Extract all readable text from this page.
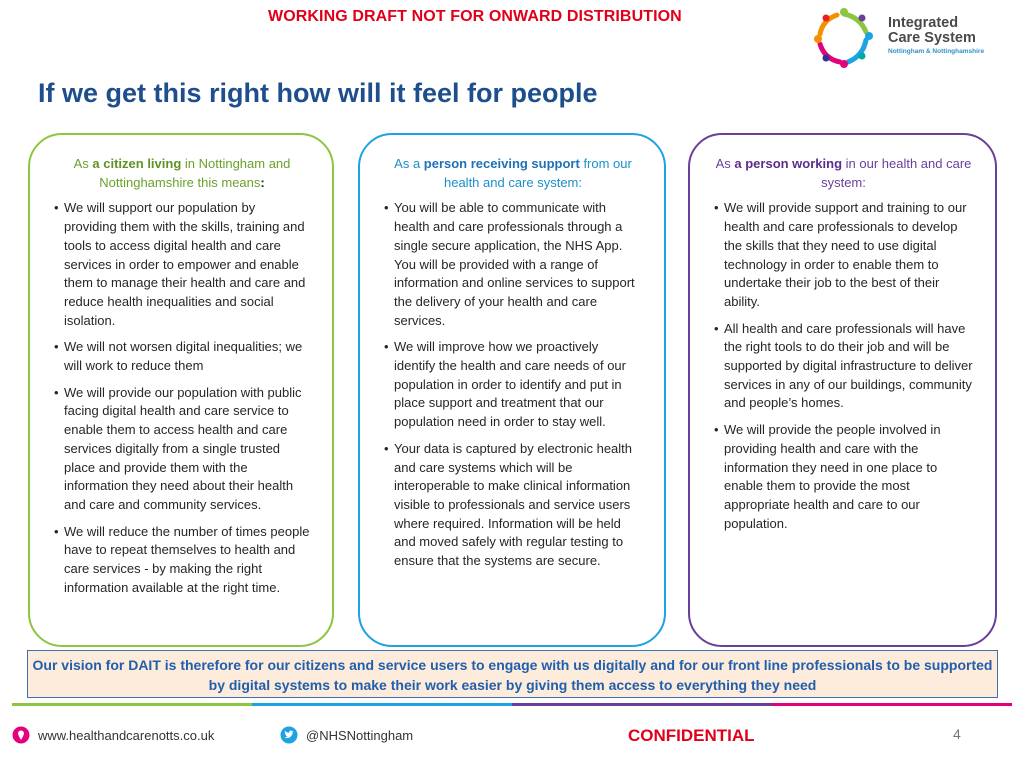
WORKING DRAFT NOT FOR ONWARD DISTRIBUTION	Integrated
Care System
Nottingham & Nottinghamshire
If we get this right how will it feel for people
As a citizen living in Nottingham and Nottinghamshire this means:
• We will support our population by providing them with the skills, training and tools to access digital health and care services in order to empower and enable them to manage their health and care and reduce health inequalities and social isolation.
• We will not worsen digital inequalities; we will work to reduce them
• We will provide our population with public facing digital health and care service to enable them to access health and care services digitally from a single trusted place and provide them with the information they need about their health and care and community services.
• We will reduce the number of times people have to repeat themselves to health and care services - by making the right information available at the right time.
As a person receiving support from our health and care system:
• You will be able to communicate with health and care professionals through a single secure application, the NHS App. You will be provided with a range of information and online services to support the delivery of your health and care services.
• We will improve how we proactively identify the health and care needs of our population in order to identify and put in place support and treatment that our population need in order to stay well.
• Your data is captured by electronic health and care systems which will be interoperable to make clinical information visible to professionals and service users where required. Information will be held and moved safely with regular testing to ensure that the systems are secure.
As a person working in our health and care system:
• We will provide support and training to our health and care professionals to develop the skills that they need to use digital technology in order to enable them to undertake their job to the best of their ability.
• All health and care professionals will have the right tools to do their job and will be supported by digital infrastructure to deliver services in any of our buildings, community and people’s homes.
• We will provide the people involved in providing health and care with the information they need in one place to enable them to provide the most appropriate health and care to our population.
Our vision for DAIT is therefore for our citizens and service users to engage with us digitally and for our front line professionals to be supported by digital systems to make their work easier by giving them access to everything they need
www.healthandcarenotts.co.uk	@NHSNottingham	CONFIDENTIAL	4
